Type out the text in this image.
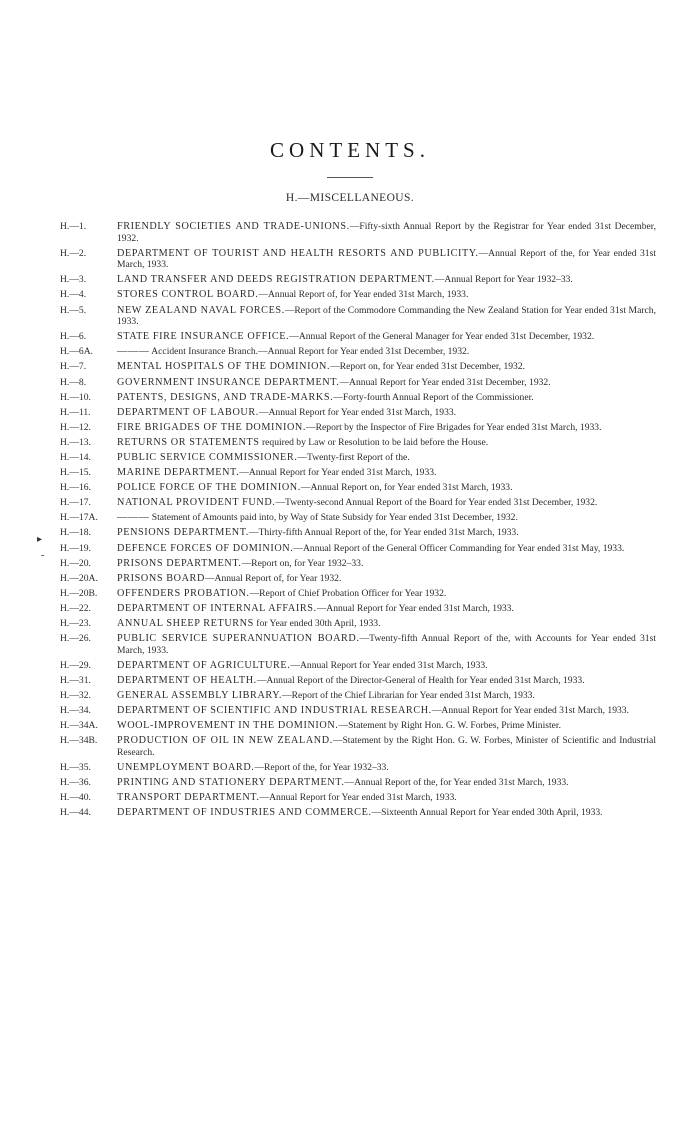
CONTENTS.
H.—MISCELLANEOUS.
▸
-
H.—1.	FRIENDLY SOCIETIES AND TRADE-UNIONS.—Fifty-sixth Annual Report by the Registrar for Year ended 31st December, 1932.
H.—2.	DEPARTMENT OF TOURIST AND HEALTH RESORTS AND PUBLICITY.—Annual Report of the, for Year ended 31st March, 1933.
H.—3.	LAND TRANSFER AND DEEDS REGISTRATION DEPARTMENT.—Annual Report for Year 1932–33.
H.—4.	STORES CONTROL BOARD.—Annual Report of, for Year ended 31st March, 1933.
H.—5.	NEW ZEALAND NAVAL FORCES.—Report of the Commodore Commanding the New Zealand Station for Year ended 31st March, 1933.
H.—6.	STATE FIRE INSURANCE OFFICE.—Annual Report of the General Manager for Year ended 31st December, 1932.
H.—6A.	——— Accident Insurance Branch.—Annual Report for Year ended 31st December, 1932.
H.—7.	MENTAL HOSPITALS OF THE DOMINION.—Report on, for Year ended 31st December, 1932.
H.—8.	GOVERNMENT INSURANCE DEPARTMENT.—Annual Report for Year ended 31st December, 1932.
H.—10.	PATENTS, DESIGNS, AND TRADE-MARKS.—Forty-fourth Annual Report of the Commissioner.
H.—11.	DEPARTMENT OF LABOUR.—Annual Report for Year ended 31st March, 1933.
H.—12.	FIRE BRIGADES OF THE DOMINION.—Report by the Inspector of Fire Brigades for Year ended 31st March, 1933.
H.—13.	RETURNS OR STATEMENTS required by Law or Resolution to be laid before the House.
H.—14.	PUBLIC SERVICE COMMISSIONER.—Twenty-first Report of the.
H.—15.	MARINE DEPARTMENT.—Annual Report for Year ended 31st March, 1933.
H.—16.	POLICE FORCE OF THE DOMINION.—Annual Report on, for Year ended 31st March, 1933.
H.—17.	NATIONAL PROVIDENT FUND.—Twenty-second Annual Report of the Board for Year ended 31st December, 1932.
H.—17A.	——— Statement of Amounts paid into, by Way of State Subsidy for Year ended 31st December, 1932.
H.—18.	PENSIONS DEPARTMENT.—Thirty-fifth Annual Report of the, for Year ended 31st March, 1933.
H.—19.	DEFENCE FORCES OF DOMINION.—Annual Report of the General Officer Commanding for Year ended 31st May, 1933.
H.—20.	PRISONS DEPARTMENT.—Report on, for Year 1932–33.
H.—20A.	PRISONS BOARD—Annual Report of, for Year 1932.
H.—20B.	OFFENDERS PROBATION.—Report of Chief Probation Officer for Year 1932.
H.—22.	DEPARTMENT OF INTERNAL AFFAIRS.—Annual Report for Year ended 31st March, 1933.
H.—23.	ANNUAL SHEEP RETURNS for Year ended 30th April, 1933.
H.—26.	PUBLIC SERVICE SUPERANNUATION BOARD.—Twenty-fifth Annual Report of the, with Accounts for Year ended 31st March, 1933.
H.—29.	DEPARTMENT OF AGRICULTURE.—Annual Report for Year ended 31st March, 1933.
H.—31.	DEPARTMENT OF HEALTH.—Annual Report of the Director-General of Health for Year ended 31st March, 1933.
H.—32.	GENERAL ASSEMBLY LIBRARY.—Report of the Chief Librarian for Year ended 31st March, 1933.
H.—34.	DEPARTMENT OF SCIENTIFIC AND INDUSTRIAL RESEARCH.—Annual Report for Year ended 31st March, 1933.
H.—34A.	WOOL-IMPROVEMENT IN THE DOMINION.—Statement by Right Hon. G. W. Forbes, Prime Minister.
H.—34B.	PRODUCTION OF OIL IN NEW ZEALAND.—Statement by the Right Hon. G. W. Forbes, Minister of Scientific and Industrial Research.
H.—35.	UNEMPLOYMENT BOARD.—Report of the, for Year 1932–33.
H.—36.	PRINTING AND STATIONERY DEPARTMENT.—Annual Report of the, for Year ended 31st March, 1933.
H.—40.	TRANSPORT DEPARTMENT.—Annual Report for Year ended 31st March, 1933.
H.—44.	DEPARTMENT OF INDUSTRIES AND COMMERCE.—Sixteenth Annual Report for Year ended 30th April, 1933.
